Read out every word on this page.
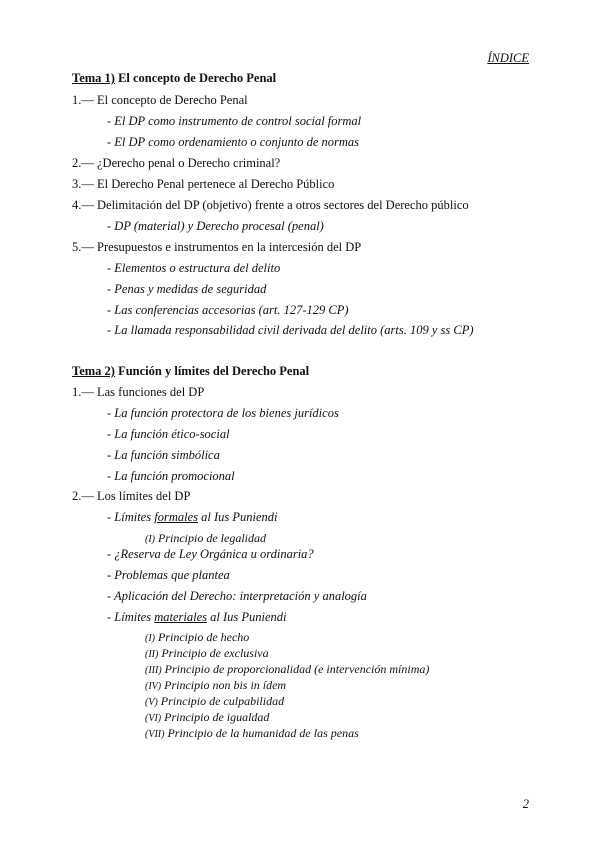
ÍNDICE
Tema 1) El concepto de Derecho Penal
1.— El concepto de Derecho Penal
- El DP como instrumento de control social formal
- El DP como ordenamiento o conjunto de normas
2.— ¿Derecho penal o Derecho criminal?
3.— El Derecho Penal pertenece al Derecho Público
4.— Delimitación del DP (objetivo) frente a otros sectores del Derecho público
- DP (material) y Derecho procesal (penal)
5.— Presupuestos e instrumentos en la intercesión del DP
- Elementos o estructura del delito
- Penas y medidas de seguridad
- Las conferencias accesorias (art. 127-129 CP)
- La llamada responsabilidad civil derivada del delito (arts. 109 y ss CP)
Tema 2) Función y límites del Derecho Penal
1.— Las funciones del DP
- La función protectora de los bienes jurídicos
- La función ético-social
- La función simbólica
- La función promocional
2.— Los límites del DP
- Límites formales al Ius Puniendi
(I) Principio de legalidad
- ¿Reserva de Ley Orgánica u ordinaria?
- Problemas que plantea
- Aplicación del Derecho: interpretación y analogía
- Límites materiales al Ius Puniendi
(I) Principio de hecho
(II) Principio de exclusiva
(III) Principio de proporcionalidad (e intervención mínima)
(IV) Principio non bis in ídem
(V) Principio de culpabilidad
(VI) Principio de igualdad
(VII) Principio de la humanidad de las penas
2
